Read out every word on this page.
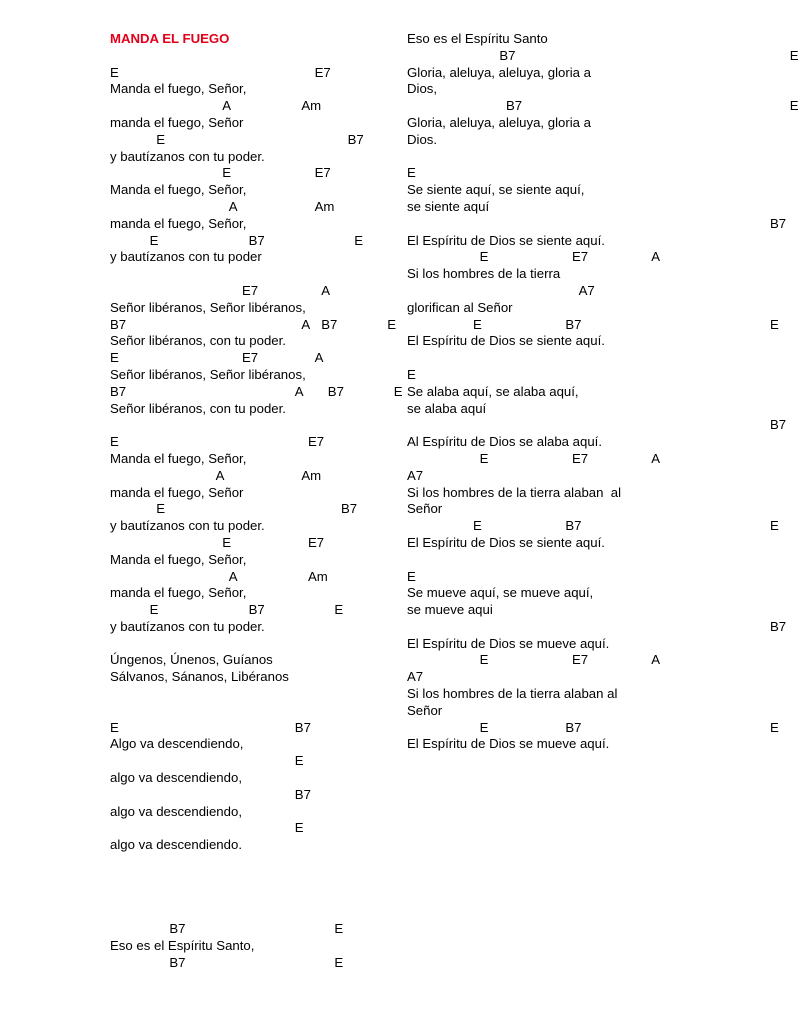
MANDA EL FUEGO
E	E7
Manda el fuego, Señor,
A	Am
manda el fuego, Señor
E	B7
y bautízanos con tu poder.
E	E7
Manda el fuego, Señor,
A	Am
manda el fuego, Señor,
E	B7	E
y bautízanos con tu poder
E7	A
Señor libéranos, Señor libéranos,
B7	A B7	E
Señor libéranos, con tu poder.
E	E7	A
Señor libéranos, Señor libéranos,
B7	A B7	E
Señor libéranos, con tu poder.
E	E7
Manda el fuego, Señor,
A	Am
manda el fuego, Señor
E	B7
y bautízanos con tu poder.
E	E7
Manda el fuego, Señor,
A	Am
manda el fuego, Señor,
E	B7	E
y bautízanos con tu poder.
Úngenos, Únenos, Guíanos
Sálvanos, Sánanos, Libéranos
E	B7
Algo va descendiendo,
E
algo va descendiendo,
B7
algo va descendiendo,
E
algo va descendiendo.
B7	E
Eso es el Espíritu Santo,
B7	E
Eso es el Espíritu Santo
B7	E
Gloria, aleluya, aleluya, gloria a
Dios,
B7	E
Gloria, aleluya, aleluya, gloria a
Dios.
E
Se siente aquí, se siente aquí,
se siente aquí
B7
El Espíritu de Dios se siente aquí.
E	E7	A
Si los hombres de la tierra
A7
glorifican al Señor
E	B7	E
El Espíritu de Dios se siente aquí.
E
Se alaba aquí, se alaba aquí,
se alaba aquí
B7
Al Espíritu de Dios se alaba aquí.
E	E7	A
A7
Si los hombres de la tierra alaban  al
Señor
E	B7	E
El Espíritu de Dios se siente aquí.
E
Se mueve aquí, se mueve aquí,
se mueve aqui
B7
El Espíritu de Dios se mueve aquí.
E	E7	A
A7
Si los hombres de la tierra alaban al
Señor
E	B7	E
El Espíritu de Dios se mueve aquí.
